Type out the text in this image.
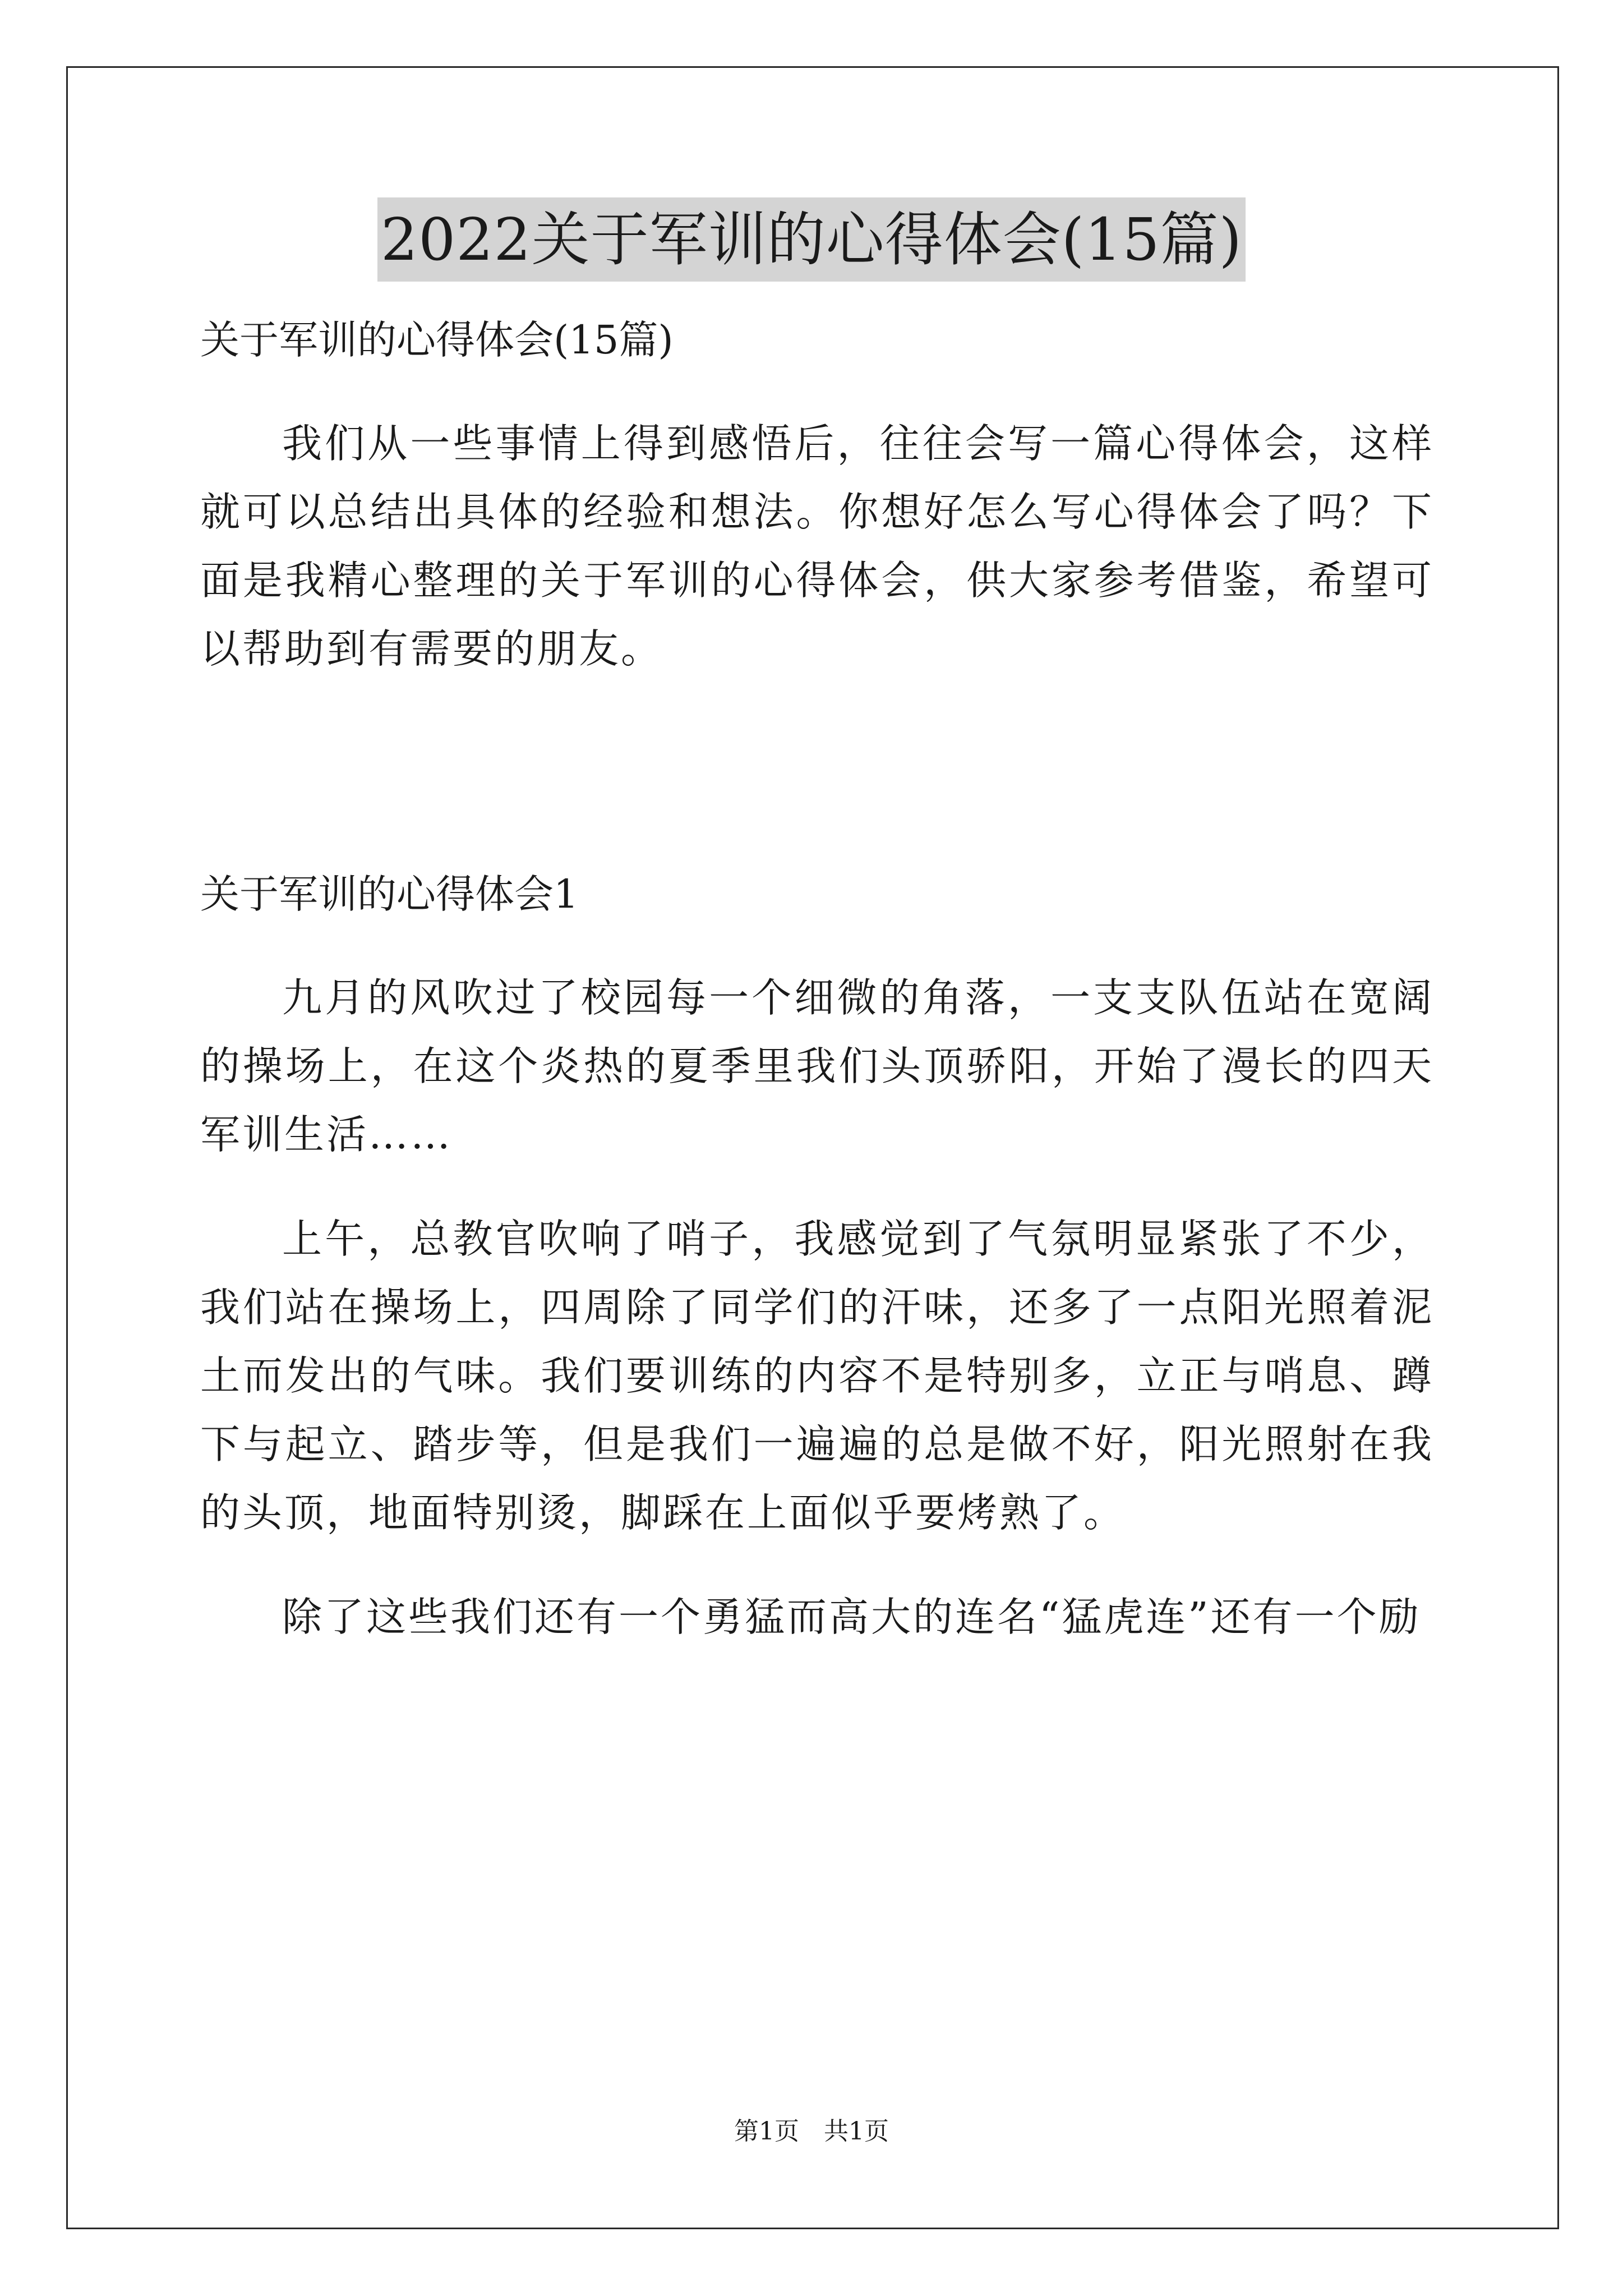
2022关于军训的心得体会(15篇)

关于军训的心得体会(15篇)

我们从一些事情上得到感悟后，往往会写一篇心得体会，这样就可以总结出具体的经验和想法。你想好怎么写心得体会了吗？下面是我精心整理的关于军训的心得体会，供大家参考借鉴，希望可以帮助到有需要的朋友。

关于军训的心得体会1

九月的风吹过了校园每一个细微的角落，一支支队伍站在宽阔的操场上，在这个炎热的夏季里我们头顶骄阳，开始了漫长的四天军训生活……

上午，总教官吹响了哨子，我感觉到了气氛明显紧张了不少，我们站在操场上，四周除了同学们的汗味，还多了一点阳光照着泥土而发出的气味。我们要训练的内容不是特别多，立正与哨息、蹲下与起立、踏步等，但是我们一遍遍的总是做不好，阳光照射在我的头顶，地面特别烫，脚踩在上面似乎要烤熟了。

除了这些我们还有一个勇猛而高大的连名“猛虎连”还有一个励

第1页 共1页
